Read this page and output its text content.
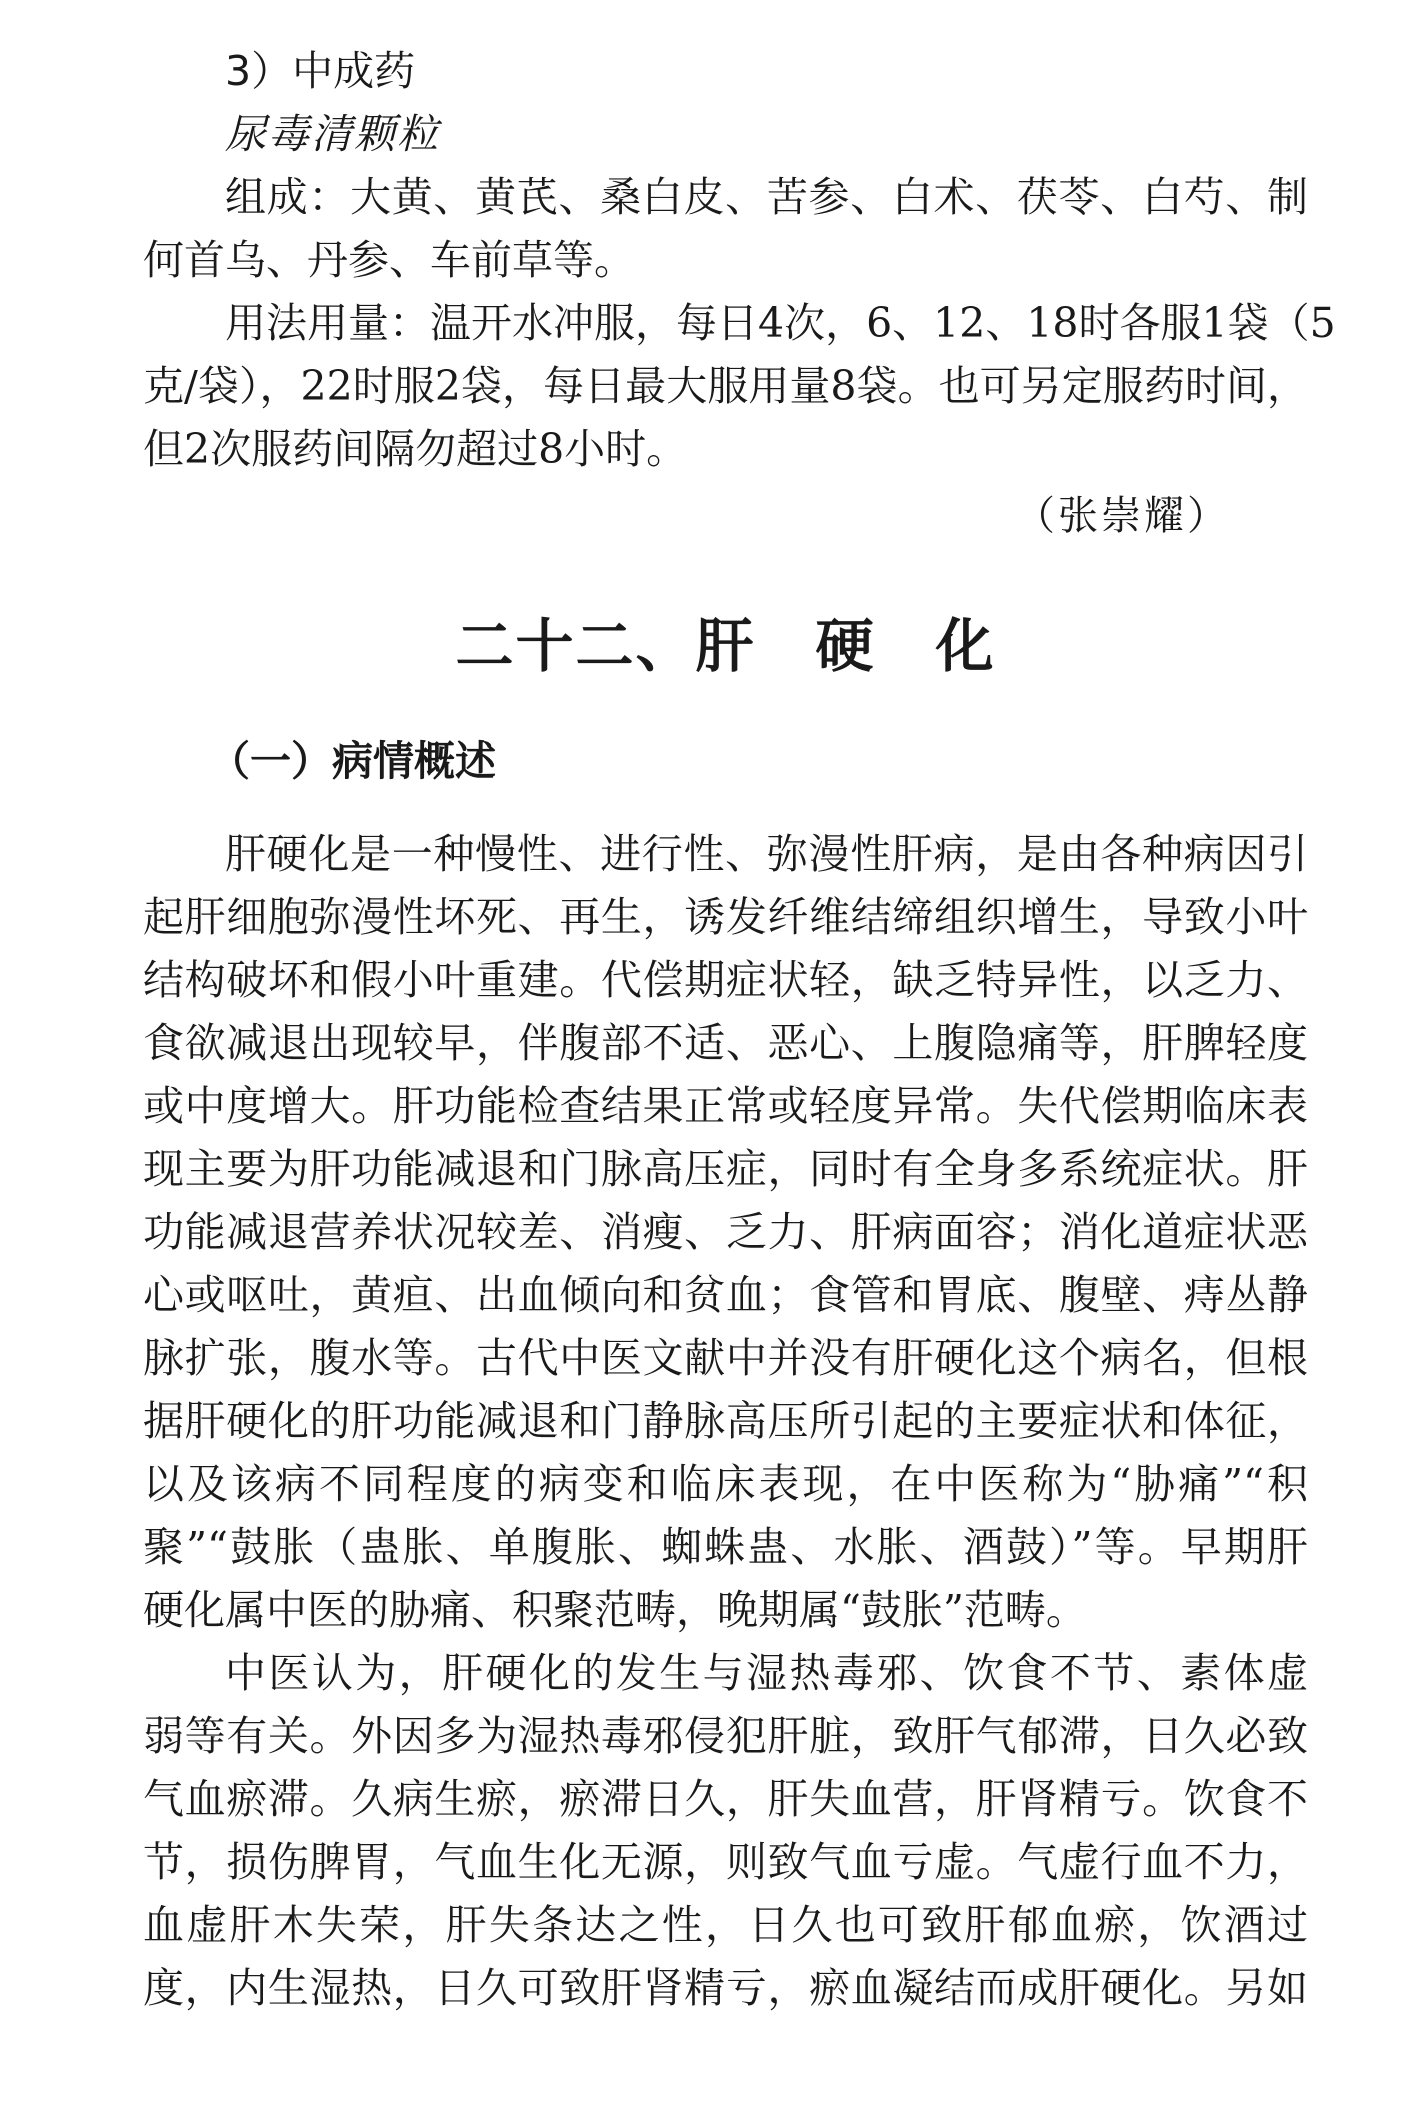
3）中成药

尿毒清颗粒

组成：大黄、黄芪、桑白皮、苦参、白术、茯苓、白芍、制

何首乌、丹参、车前草等。

用法用量：温开水冲服，每日4次，6、12、18时各服1袋（5

克/袋），22时服2袋，每日最大服用量8袋。也可另定服药时间，

但2次服药间隔勿超过8小时。

（张崇耀）

二十二、肝　硬　化
（一）病情概述

肝硬化是一种慢性、进行性、弥漫性肝病，是由各种病因引

起肝细胞弥漫性坏死、再生，诱发纤维结缔组织增生，导致小叶

结构破坏和假小叶重建。代偿期症状轻，缺乏特异性，以乏力、

食欲减退出现较早，伴腹部不适、恶心、上腹隐痛等，肝脾轻度

或中度增大。肝功能检查结果正常或轻度异常。失代偿期临床表

现主要为肝功能减退和门脉高压症，同时有全身多系统症状。肝

功能减退营养状况较差、消瘦、乏力、肝病面容；消化道症状恶

心或呕吐，黄疸、出血倾向和贫血；食管和胃底、腹壁、痔丛静

脉扩张，腹水等。古代中医文献中并没有肝硬化这个病名，但根

据肝硬化的肝功能减退和门静脉高压所引起的主要症状和体征，

以及该病不同程度的病变和临床表现，在中医称为“胁痛”“积

聚”“鼓胀（蛊胀、单腹胀、蜘蛛蛊、水胀、酒鼓）”等。早期肝

硬化属中医的胁痛、积聚范畴，晚期属“鼓胀”范畴。

中医认为，肝硬化的发生与湿热毒邪、饮食不节、素体虚

弱等有关。外因多为湿热毒邪侵犯肝脏，致肝气郁滞，日久必致

气血瘀滞。久病生瘀，瘀滞日久，肝失血营，肝肾精亏。饮食不

节，损伤脾胃，气血生化无源，则致气血亏虚。气虚行血不力，

血虚肝木失荣，肝失条达之性，日久也可致肝郁血瘀，饮酒过

度，内生湿热，日久可致肝肾精亏，瘀血凝结而成肝硬化。另如
